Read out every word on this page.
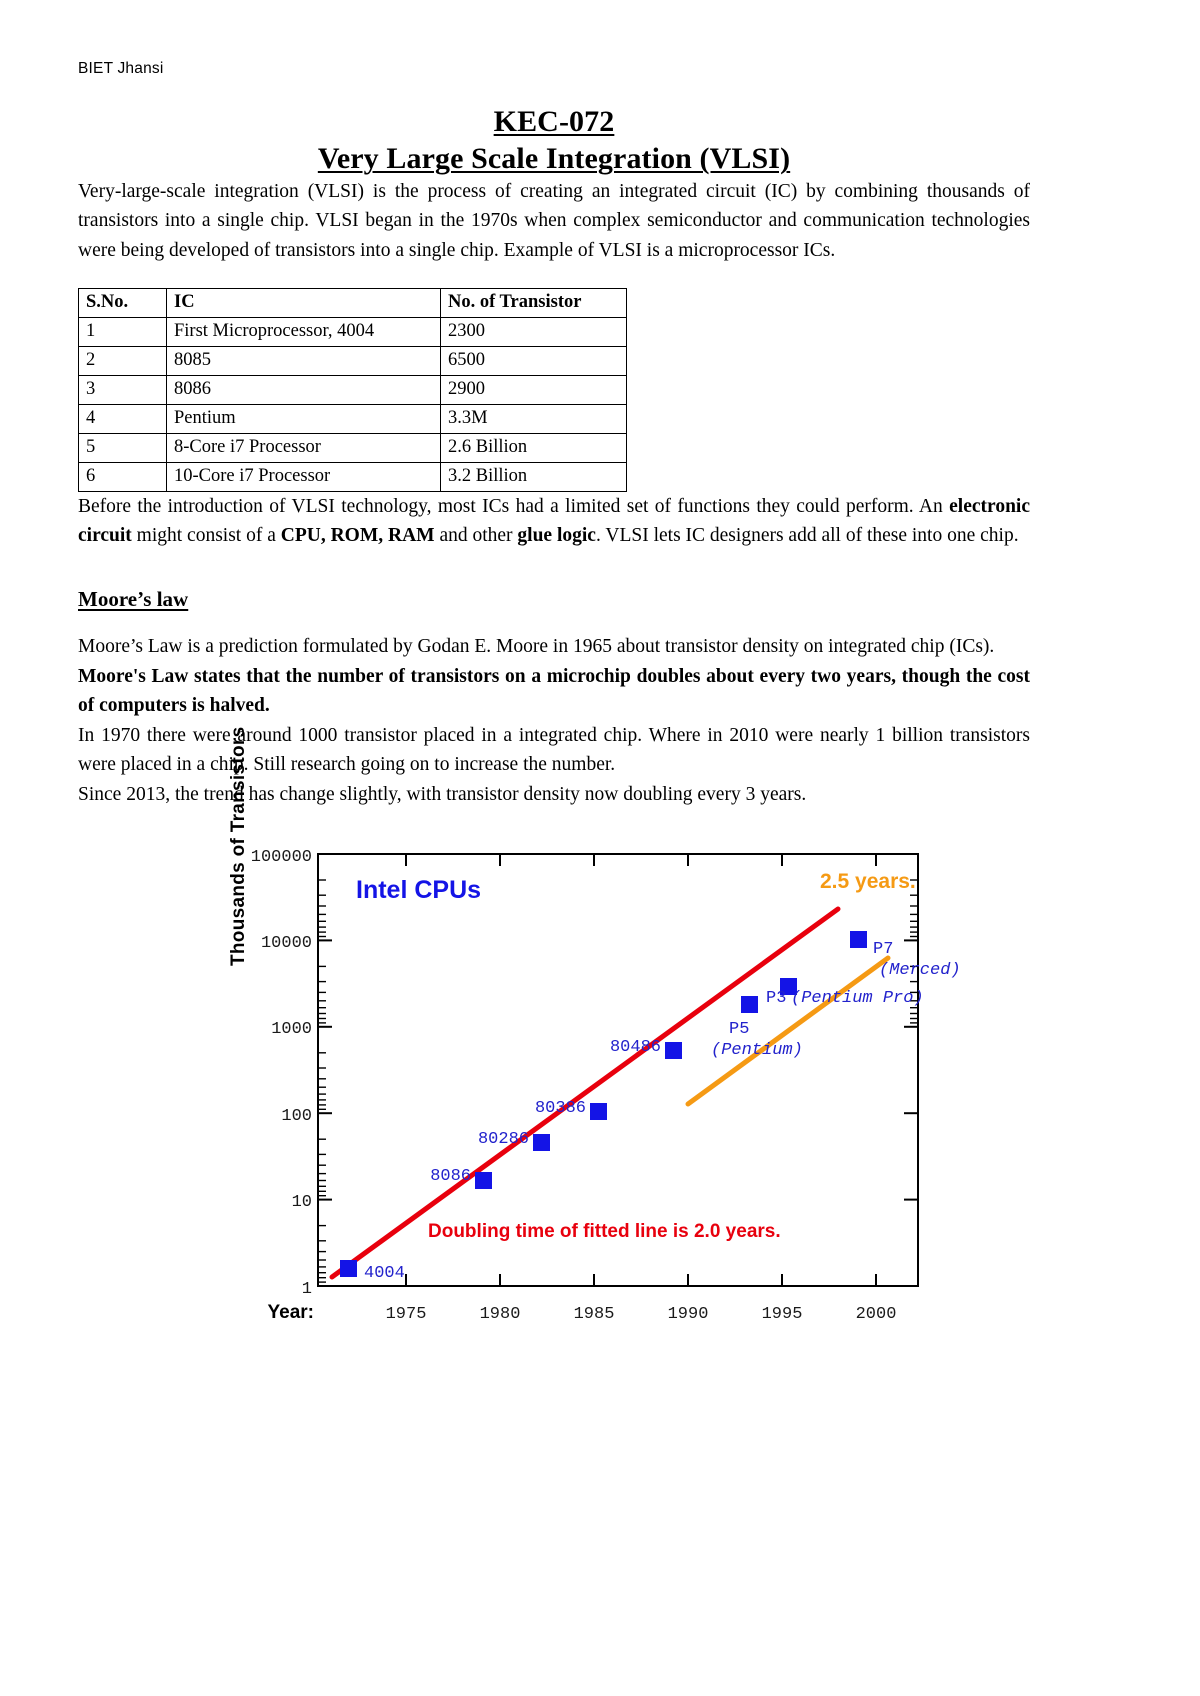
BIET Jhansi
KEC-072
Very Large Scale Integration (VLSI)

Very-large-scale integration (VLSI) is the process of creating an integrated circuit (IC) by combining thousands of transistors into a single chip. VLSI began in the 1970s when complex semiconductor and communication technologies were being developed of transistors into a single chip. Example of VLSI is a microprocessor ICs.

S.No.	IC	No. of Transistor
1	First Microprocessor, 4004	2300
2	8085	6500
3	8086	2900
4	Pentium	3.3M
5	8-Core i7 Processor	2.6 Billion
6	10-Core i7 Processor	3.2 Billion

Before the introduction of VLSI technology, most ICs had a limited set of functions they could perform. An electronic circuit might consist of a CPU, ROM, RAM and other glue logic. VLSI lets IC designers add all of these into one chip.

Moore’s law

Moore’s Law is a prediction formulated by Godan E. Moore in 1965 about transistor density on integrated chip (ICs).

Moore's Law states that the number of transistors on a microchip doubles about every two years, though the cost of computers is halved.

In 1970 there were around 1000 transistor placed in a integrated chip. Where in 2010 were nearly 1 billion transistors were placed in a chip. Still research going on to increase the number.

Since 2013, the trend has change slightly, with transistor density now doubling every 3 years.

Thousands of Transistors 100000
10000
1000
100
10
1
Year:	1975	1980	1985	1990	1995	2000
4004
8086
80286
80386
80486
P5
(Pentium)
P3 (Pentium Pro)
P7
(Merced)
Intel CPUs	2.5 years.
Doubling time of fitted line is 2.0 years.
